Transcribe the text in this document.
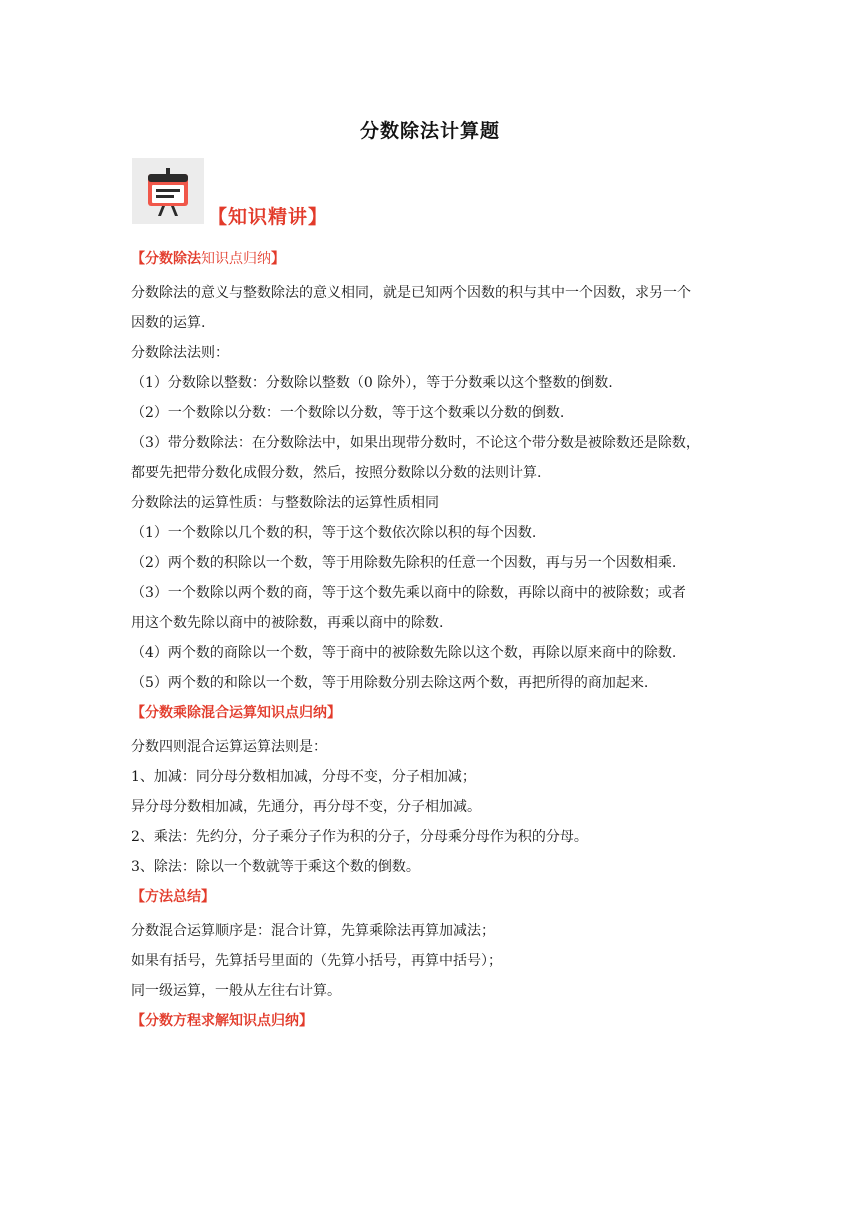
分数除法计算题
【知识精讲】
【分数除法知识点归纳】
分数除法的意义与整数除法的意义相同，就是已知两个因数的积与其中一个因数，求另一个
因数的运算.
分数除法法则：
（1）分数除以整数：分数除以整数（0 除外），等于分数乘以这个整数的倒数.
（2）一个数除以分数：一个数除以分数，等于这个数乘以分数的倒数.
（3）带分数除法：在分数除法中，如果出现带分数时，不论这个带分数是被除数还是除数，
都要先把带分数化成假分数，然后，按照分数除以分数的法则计算.
分数除法的运算性质：与整数除法的运算性质相同
（1）一个数除以几个数的积，等于这个数依次除以积的每个因数.
（2）两个数的积除以一个数，等于用除数先除积的任意一个因数，再与另一个因数相乘.
（3）一个数除以两个数的商，等于这个数先乘以商中的除数，再除以商中的被除数；或者
用这个数先除以商中的被除数，再乘以商中的除数.
（4）两个数的商除以一个数，等于商中的被除数先除以这个数，再除以原来商中的除数.
（5）两个数的和除以一个数，等于用除数分别去除这两个数，再把所得的商加起来.
【分数乘除混合运算知识点归纳】
分数四则混合运算运算法则是：
1、加减：同分母分数相加减，分母不变，分子相加减；
异分母分数相加减，先通分，再分母不变，分子相加减。
2、乘法：先约分，分子乘分子作为积的分子，分母乘分母作为积的分母。
3、除法：除以一个数就等于乘这个数的倒数。
【方法总结】
分数混合运算顺序是：混合计算，先算乘除法再算加减法；
如果有括号，先算括号里面的（先算小括号，再算中括号）；
同一级运算，一般从左往右计算。
【分数方程求解知识点归纳】
